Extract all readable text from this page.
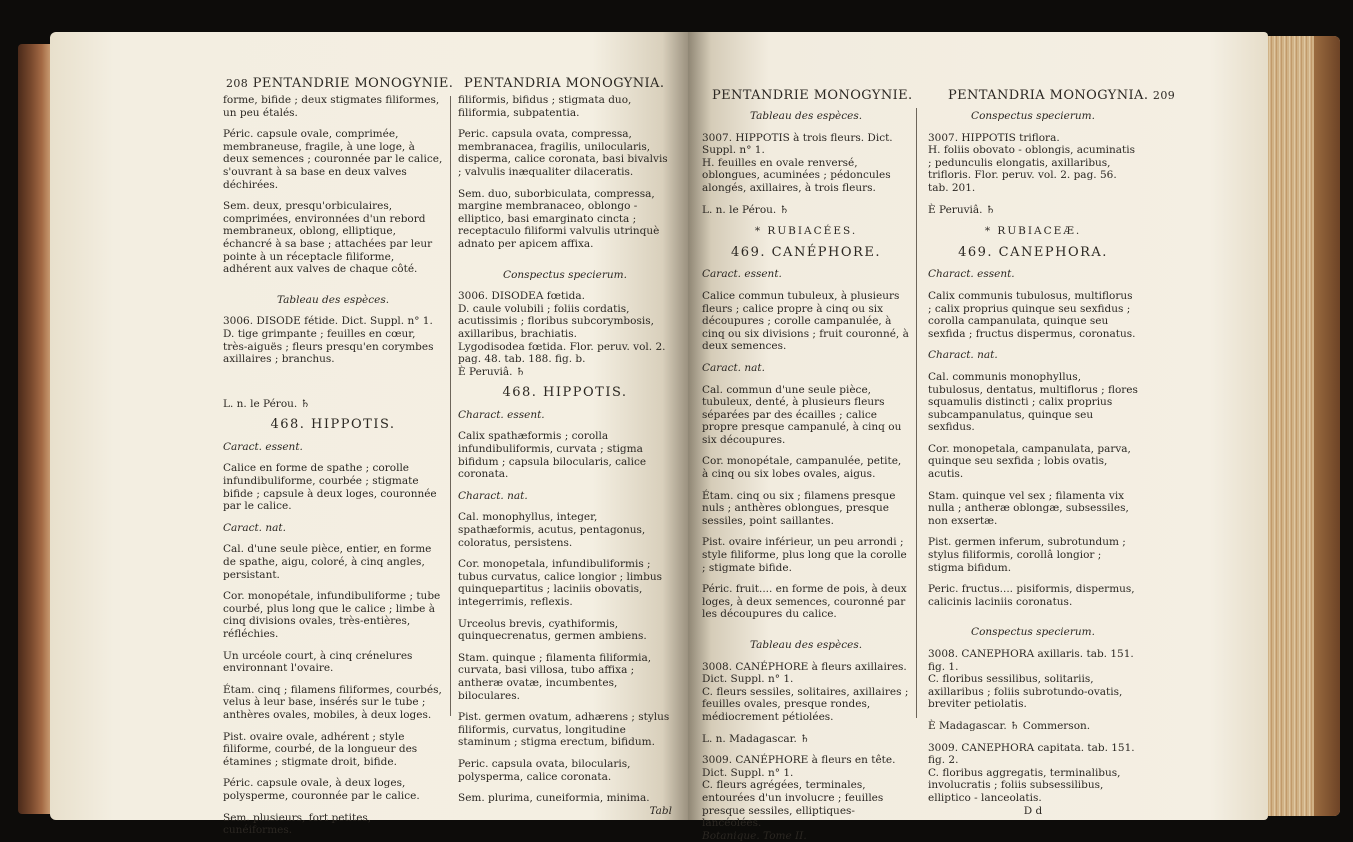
208 PENTANDRIE MONOGYNIE. PENTANDRIA MONOGYNIA.

forme, bifide ; deux stigmates filiformes, un peu étalés.

Péric. capsule ovale, comprimée, membraneuse, fragile, à une loge, à deux semences ; couronnée par le calice, s'ouvrant à sa base en deux valves déchirées.

Sem. deux, presqu'orbiculaires, comprimées, environnées d'un rebord membraneux, oblong, elliptique, échancré à sa base ; attachées par leur pointe à un réceptacle filiforme, adhérent aux valves de chaque côté.

Tableau des espèces.

3006. DISODE fétide. Dict. Suppl. n° 1.

D. tige grimpante ; feuilles en cœur, très-aiguës ; fleurs presqu'en corymbes axillaires ; branchus.

L. n. le Pérou. ♄

468. HIPPOTIS.

Caract. essent.

Calice en forme de spathe ; corolle infundibuliforme, courbée ; stigmate bifide ; capsule à deux loges, couronnée par le calice.

Caract. nat.

Cal. d'une seule pièce, entier, en forme de spathe, aigu, coloré, à cinq angles, persistant.

Cor. monopétale, infundibuliforme ; tube courbé, plus long que le calice ; limbe à cinq divisions ovales, très-entières, réfléchies.

Un urcéole court, à cinq crénelures environnant l'ovaire.

Étam. cinq ; filamens filiformes, courbés, velus à leur base, insérés sur le tube ; anthères ovales, mobiles, à deux loges.

Pist. ovaire ovale, adhérent ; style filiforme, courbé, de la longueur des étamines ; stigmate droit, bifide.

Péric. capsule ovale, à deux loges, polysperme, couronnée par le calice.

Sem. plusieurs, fort petites, cunéiformes.

filiformis, bifidus ; stigmata duo, filiformia, subpatentia.

Peric. capsula ovata, compressa, membranacea, fragilis, unilocularis, disperma, calice coronata, basi bivalvis ; valvulis inæqualiter dilaceratis.

Sem. duo, suborbiculata, compressa, margine membranaceo, oblongo - elliptico, basi emarginato cincta ; receptaculo filiformi valvulis utrinquè adnato per apicem affixa.

Conspectus specierum.

3006. DISODEA fœtida.

D. caule volubili ; foliis cordatis, acutissimis ; floribus subcorymbosis, axillaribus, brachiatis.

Lygodisodea fœtida. Flor. peruv. vol. 2. pag. 48. tab. 188. fig. b.

È Peruviâ. ♄

468. HIPPOTIS.

Charact. essent.

Calix spathæformis ; corolla infundibuliformis, curvata ; stigma bifidum ; capsula bilocularis, calice coronata.

Charact. nat.

Cal. monophyllus, integer, spathæformis, acutus, pentagonus, coloratus, persistens.

Cor. monopetala, infundibuliformis ; tubus curvatus, calice longior ; limbus quinquepartitus ; laciniis obovatis, integerrimis, reflexis.

Urceolus brevis, cyathiformis, quinquecrenatus, germen ambiens.

Stam. quinque ; filamenta filiformia, curvata, basi villosa, tubo affixa ; antheræ ovatæ, incumbentes, biloculares.

Pist. germen ovatum, adhærens ; stylus filiformis, curvatus, longitudine staminum ; stigma erectum, bifidum.

Peric. capsula ovata, bilocularis, polysperma, calice coronata.

Sem. plurima, cuneiformia, minima.

Tabl

PENTANDRIE MONOGYNIE.	PENTANDRIA MONOGYNIA. 209

Tableau des espèces.

3007. HIPPOTIS à trois fleurs. Dict. Suppl. n° 1.

H. feuilles en ovale renversé, oblongues, acuminées ; pédoncules alongés, axillaires, à trois fleurs.

L. n. le Pérou. ♄

* RUBIACÉES.

469. CANÉPHORE.

Caract. essent.

Calice commun tubuleux, à plusieurs fleurs ; calice propre à cinq ou six découpures ; corolle campanulée, à cinq ou six divisions ; fruit couronné, à deux semences.

Caract. nat.

Cal. commun d'une seule pièce, tubuleux, denté, à plusieurs fleurs séparées par des écailles ; calice propre presque campanulé, à cinq ou six découpures.

Cor. monopétale, campanulée, petite, à cinq ou six lobes ovales, aigus.

Étam. cinq ou six ; filamens presque nuls ; anthères oblongues, presque sessiles, point saillantes.

Pist. ovaire inférieur, un peu arrondi ; style filiforme, plus long que la corolle ; stigmate bifide.

Péric. fruit.... en forme de pois, à deux loges, à deux semences, couronné par les découpures du calice.

Tableau des espèces.

3008. CANÉPHORE à fleurs axillaires. Dict. Suppl. n° 1.

C. fleurs sessiles, solitaires, axillaires ; feuilles ovales, presque rondes, médiocrement pétiolées.

L. n. Madagascar. ♄

3009. CANÉPHORE à fleurs en tête. Dict. Suppl. n° 1.

C. fleurs agrégées, terminales, entourées d'un involucre ; feuilles presque sessiles, elliptiques-lancéolées.

Botanique. Tome II.

Conspectus specierum.

3007. HIPPOTIS triflora.

H. foliis obovato - oblongis, acuminatis ; pedunculis elongatis, axillaribus, trifloris. Flor. peruv. vol. 2. pag. 56. tab. 201.

È Peruviâ. ♄

* RUBIACEÆ.

469. CANEPHORA.

Charact. essent.

Calix communis tubulosus, multiflorus ; calix proprius quinque seu sexfidus ; corolla campanulata, quinque seu sexfida ; fructus dispermus, coronatus.

Charact. nat.

Cal. communis monophyllus, tubulosus, dentatus, multiflorus ; flores squamulis distincti ; calix proprius subcampanulatus, quinque seu sexfidus.

Cor. monopetala, campanulata, parva, quinque seu sexfida ; lobis ovatis, acutis.

Stam. quinque vel sex ; filamenta vix nulla ; antheræ oblongæ, subsessiles, non exsertæ.

Pist. germen inferum, subrotundum ; stylus filiformis, corollâ longior ; stigma bifidum.

Peric. fructus.... pisiformis, dispermus, calicinis laciniis coronatus.

Conspectus specierum.

3008. CANEPHORA axillaris. tab. 151. fig. 1.

C. floribus sessilibus, solitariis, axillaribus ; foliis subrotundo-ovatis, breviter petiolatis.

È Madagascar. ♄ Commerson.

3009. CANEPHORA capitata. tab. 151. fig. 2.

C. floribus aggregatis, terminalibus, involucratis ; foliis subsessilibus, elliptico - lanceolatis.

D d
